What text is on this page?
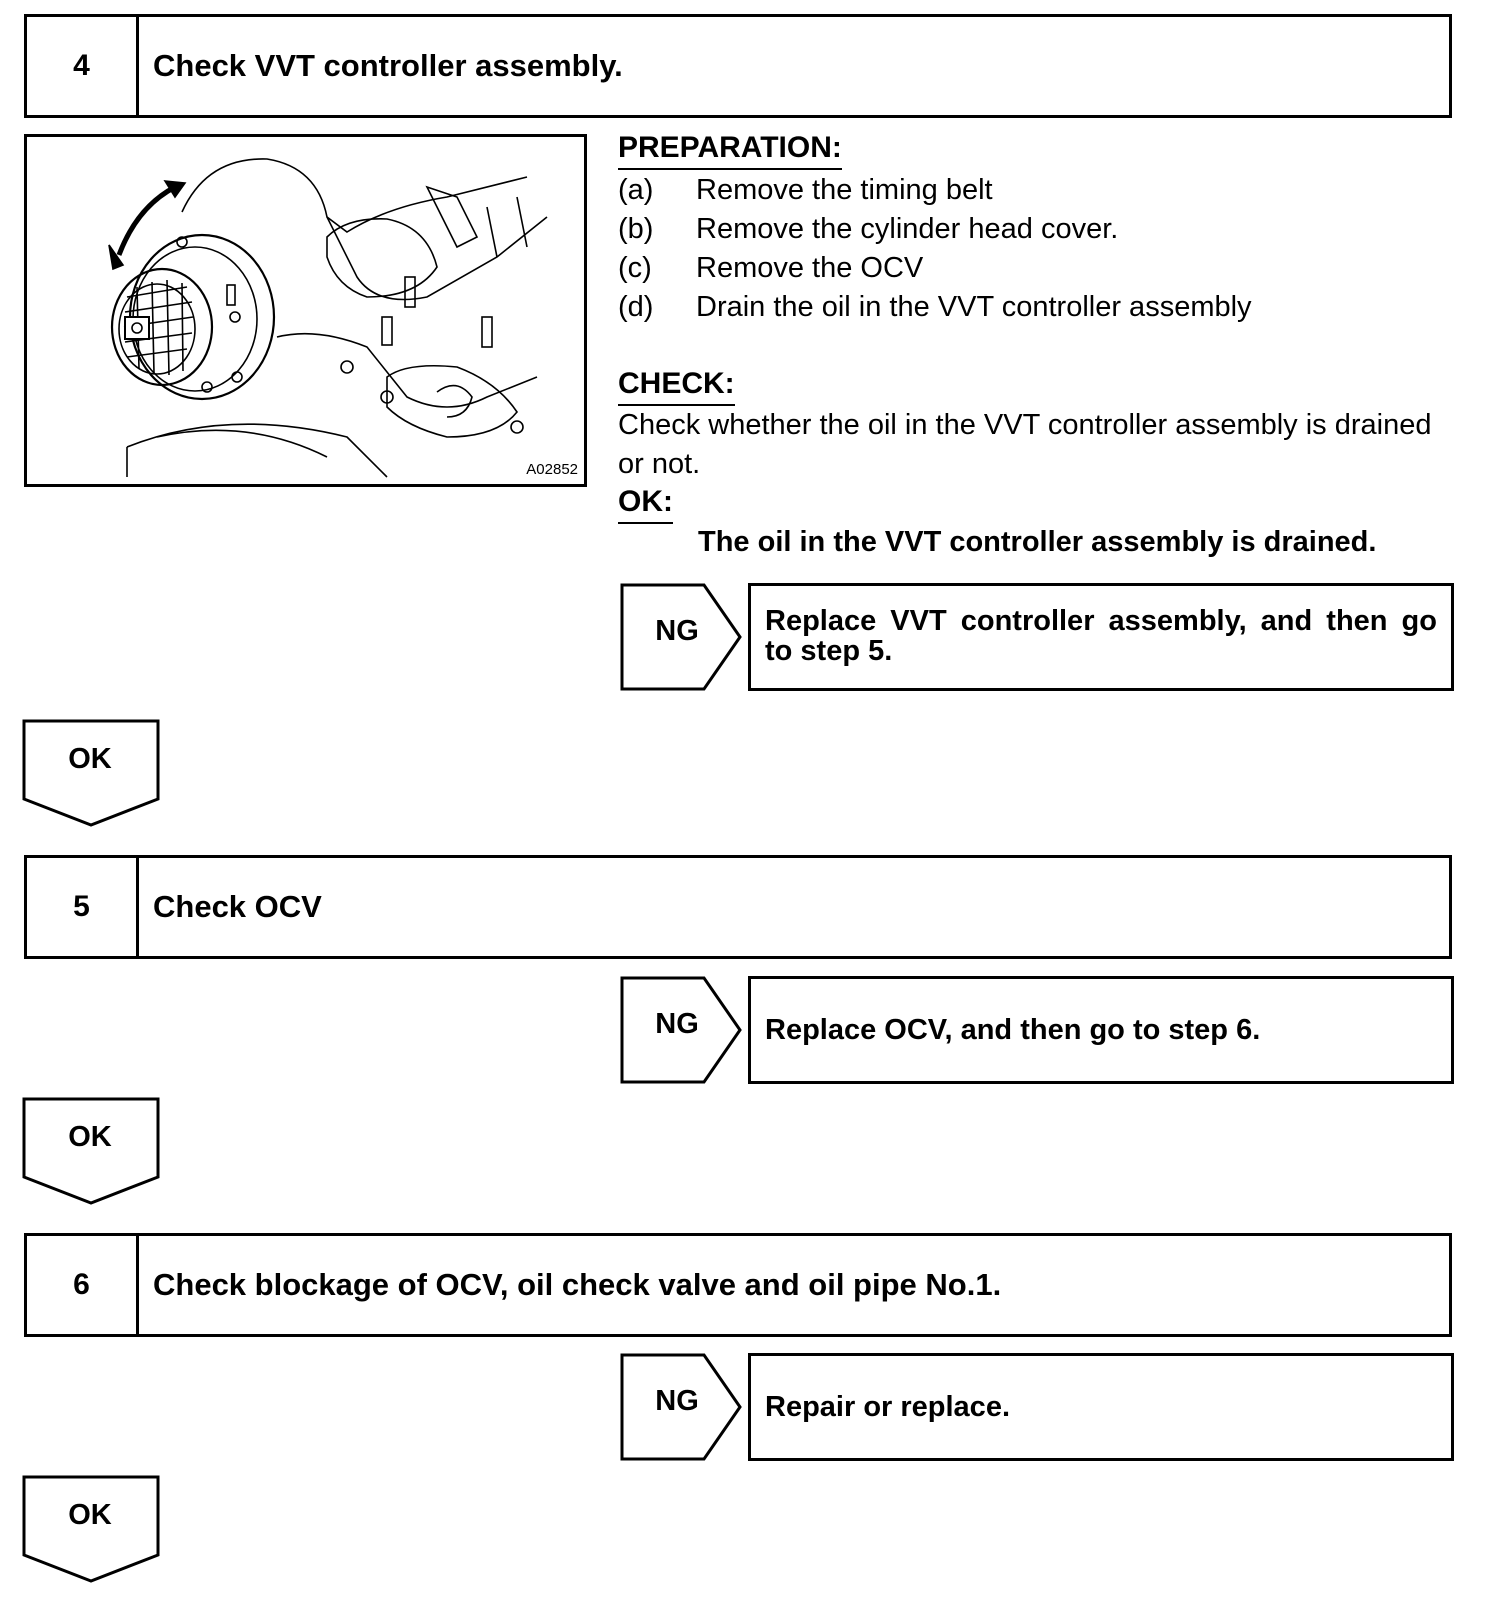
4	Check VVT controller assembly.
A02852
PREPARATION:
(a) Remove the timing belt
(b) Remove the cylinder head cover.
(c) Remove the OCV
(d) Drain the oil in the VVT controller assembly
CHECK:
Check whether the oil in the VVT controller assembly is drained or not.
OK:
The oil in the VVT controller assembly is drained.
NG	Replace VVT controller assembly, and then go
to step 5.
OK
5	Check OCV
NG	Replace OCV, and then go to step 6.
OK
6	Check blockage of OCV, oil check valve and oil pipe No.1.
NG	Repair or replace.
OK
